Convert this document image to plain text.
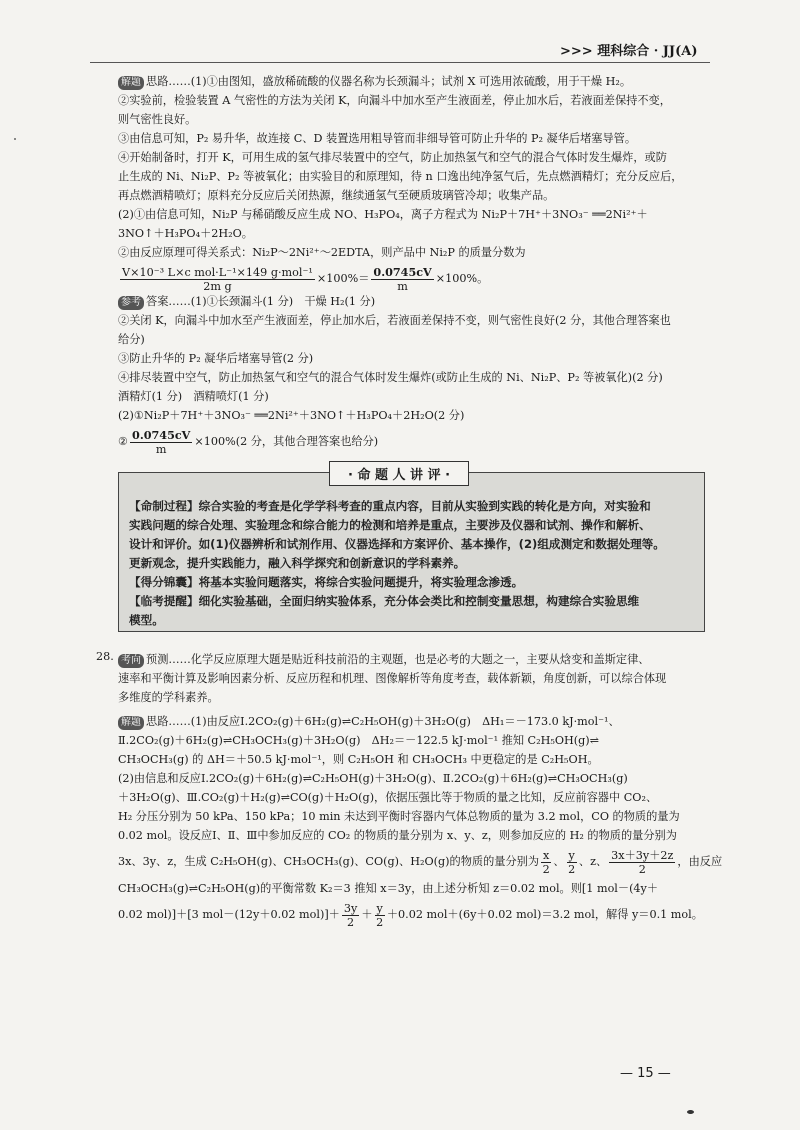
>>> 理科综合 · JJ(A)
解题 思路……(1)①由图知，盛放稀硫酸的仪器名称为长颈漏斗；试剂 X 可选用浓硫酸，用于干燥 H₂。
②实验前，检验装置 A 气密性的方法为关闭 K，向漏斗中加水至产生液面差，停止加水后，若液面差保持不变，
则气密性良好。
③由信息可知，P₂ 易升华，故连接 C、D 装置选用粗导管而非细导管可防止升华的 P₂ 凝华后堵塞导管。
④开始制备时，打开 K，可用生成的氢气排尽装置中的空气，防止加热氢气和空气的混合气体时发生爆炸，或防
止生成的 Ni、Ni₂P、P₂ 等被氧化；由实验目的和原理知，待 n 口逸出纯净氢气后，先点燃酒精灯；充分反应后，
再点燃酒精喷灯；原料充分反应后关闭热源，继续通氢气至硬质玻璃管冷却；收集产品。
(2)①由信息可知，Ni₂P 与稀硝酸反应生成 NO、H₃PO₄，离子方程式为 Ni₂P＋7H⁺＋3NO₃⁻ ══2Ni²⁺＋
3NO↑＋H₃PO₄＋2H₂O。
②由反应原理可得关系式：Ni₂P～2Ni²⁺～2EDTA，则产品中 Ni₂P 的质量分数为
$\frac{\text{V×10⁻³ L×c mol·L⁻¹×149 g·mol⁻¹}}{\text{2m g}} \times 100\%= \frac{0.0745cV}{m} \times 100\%$。
参考 答案……(1)①长颈漏斗(1 分)　干燥 H₂(1 分)
②关闭 K，向漏斗中加水至产生液面差，停止加水后，若液面差保持不变，则气密性良好(2 分，其他合理答案也
给分)
③防止升华的 P₂ 凝华后堵塞导管(2 分)
④排尽装置中空气，防止加热氢气和空气的混合气体时发生爆炸(或防止生成的 Ni、Ni₂P、P₂ 等被氧化)(2 分)
酒精灯(1 分)　酒精喷灯(1 分)
(2)①Ni₂P＋7H⁺＋3NO₃⁻ ══2Ni²⁺＋3NO↑＋H₃PO₄＋2H₂O(2 分)
② $\frac{0.0745cV}{m} \times 100\%(2$ 分，其他合理答案也给分)
· 命 题 人 讲 评 ·
【命制过程】综合实验的考查是化学学科考查的重点内容，目前从实验到实践的转化是方向，对实验和
实践问题的综合处理、实验理念和综合能力的检测和培养是重点，主要涉及仪器和试剂、操作和解析、
设计和评价。如(1)仪器辨析和试剂作用、仪器选择和方案评价、基本操作，(2)组成测定和数据处理等。
更新观念，提升实践能力，融入科学探究和创新意识的学科素养。
【得分锦囊】将基本实验问题落实，将综合实验问题提升，将实验理念渗透。
【临考提醒】细化实验基础，全面归纳实验体系，充分体会类比和控制变量思想，构建综合实验思维
模型。
28. 考向 预测……化学反应原理大题是贴近科技前沿的主观题，也是必考的大题之一，主要从焓变和盖斯定律、
速率和平衡计算及影响因素分析、反应历程和机理、图像解析等角度考查，载体新颖，角度创新，可以综合体现
多维度的学科素养。
解题 思路……(1)由反应Ⅰ.2CO₂(g)＋6H₂(g)⇌C₂H₅OH(g)＋3H₂O(g)　ΔH₁＝－173.0 kJ·mol⁻¹、
Ⅱ.2CO₂(g)＋6H₂(g)⇌CH₃OCH₃(g)＋3H₂O(g)　ΔH₂＝－122.5 kJ·mol⁻¹ 推知 C₂H₅OH(g)⇌
CH₃OCH₃(g) 的 ΔH＝＋50.5 kJ·mol⁻¹，则 C₂H₅OH 和 CH₃OCH₃ 中更稳定的是 C₂H₅OH。
(2)由信息和反应Ⅰ.2CO₂(g)＋6H₂(g)⇌C₂H₅OH(g)＋3H₂O(g)、Ⅱ.2CO₂(g)＋6H₂(g)⇌CH₃OCH₃(g)
＋3H₂O(g)、Ⅲ.CO₂(g)＋H₂(g)⇌CO(g)＋H₂O(g)，依据压强比等于物质的量之比知，反应前容器中 CO₂、
H₂ 分压分别为 50 kPa、150 kPa；10 min 未达到平衡时容器内气体总物质的量为 3.2 mol，CO 的物质的量为
0.02 mol。设反应Ⅰ、Ⅱ、Ⅲ中参加反应的 CO₂ 的物质的量分别为 x、y、z，则参加反应的 H₂ 的物质的量分别为
3x、3y、z，生成 C₂H₅OH(g)、CH₃OCH₃(g)、CO(g)、H₂O(g)的物质的量分别为 $\frac{x}{2}$ 、 $\frac{y}{2}$ 、z、 $\frac{3x+3y+2z}{2}$ ，由反应
CH₃OCH₃(g)⇌C₂H₅OH(g)的平衡常数 K₂＝3 推知 x＝3y，由上述分析知 z＝0.02 mol。则[1 mol－(4y＋
0.02 mol)]＋[3 mol－(12y＋0.02 $mol)]+ \frac{3y}{2} + \frac{y}{2} +0.02$ mol＋(6y＋0.02 mol)＝3.2 mol，解得 y＝0.1 mol。
— 15 —
